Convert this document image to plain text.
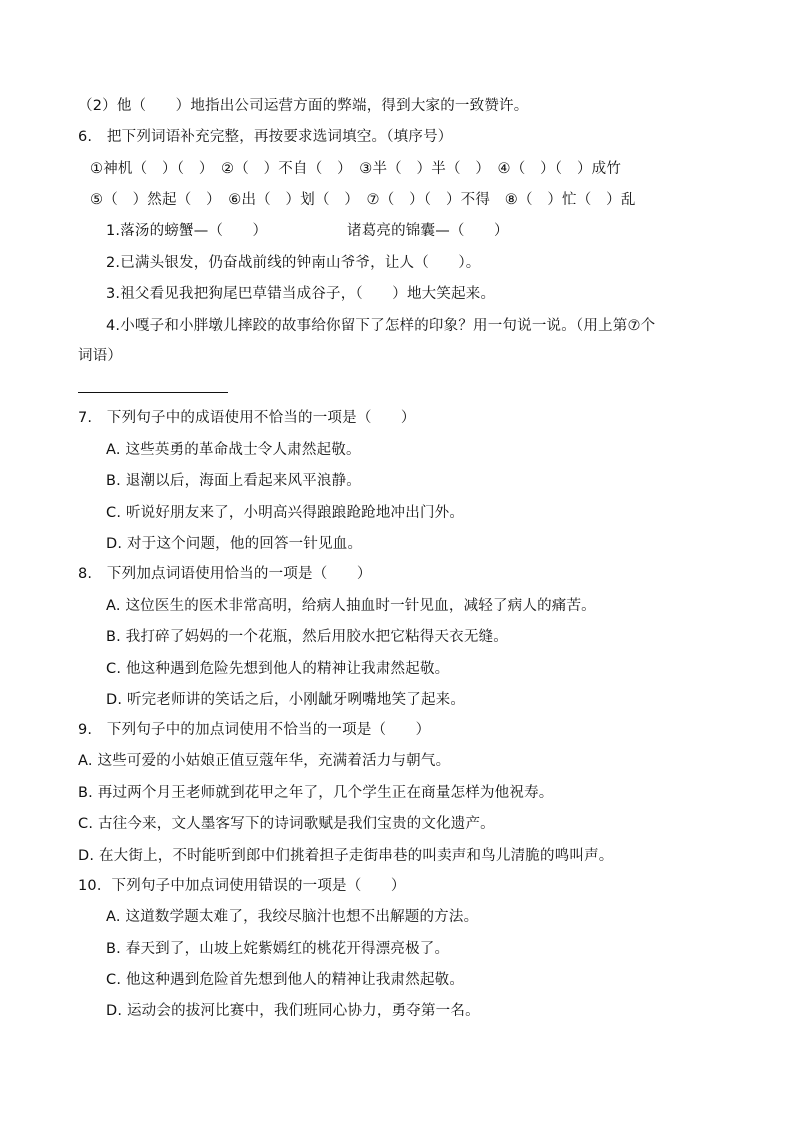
（2）他（　　）地指出公司运营方面的弊端，得到大家的一致赞许。
6.　把下列词语补充完整，再按要求选词填空。（填序号）
①神机（　）（　）　②（　）不自（　）　③半（　）半（　）　④（　）（　）成竹
⑤（　）然起（　）　⑥出（　）划（　）　⑦（　）（　）不得　⑧（　）忙（　）乱
1.落汤的螃蟹—（　　）	诸葛亮的锦囊—（　　）
2.已满头银发，仍奋战前线的钟南山爷爷，让人（　　）。
3.祖父看见我把狗尾巴草错当成谷子，（　　）地大笑起来。
4.小嘎子和小胖墩儿摔跤的故事给你留下了怎样的印象？用一句说一说。（用上第⑦个
词语）
7.　下列句子中的成语使用不恰当的一项是（　　）
A. 这些英勇的革命战士令人肃然起敬。
B. 退潮以后，海面上看起来风平浪静。
C. 听说好朋友来了，小明高兴得踉踉跄跄地冲出门外。
D. 对于这个问题，他的回答一针见血。
8.　下列加点词语使用恰当的一项是（　　）
A. 这位医生的医术非常高明，给病人抽血时一针见血，减轻了病人的痛苦。
B. 我打碎了妈妈的一个花瓶，然后用胶水把它粘得天衣无缝。
C. 他这种遇到危险先想到他人的精神让我肃然起敬。
D. 听完老师讲的笑话之后，小刚龇牙咧嘴地笑了起来。
9.　下列句子中的加点词使用不恰当的一项是（　　）
A. 这些可爱的小姑娘正值豆蔻年华，充满着活力与朝气。
B. 再过两个月王老师就到花甲之年了，几个学生正在商量怎样为他祝寿。
C. 古往今来，文人墨客写下的诗词歌赋是我们宝贵的文化遗产。
D. 在大街上，不时能听到郎中们挑着担子走街串巷的叫卖声和鸟儿清脆的鸣叫声。
10．下列句子中加点词使用错误的一项是（　　）
A. 这道数学题太难了，我绞尽脑汁也想不出解题的方法。
B. 春天到了，山坡上姹紫嫣红的桃花开得漂亮极了。
C. 他这种遇到危险首先想到他人的精神让我肃然起敬。
D. 运动会的拔河比赛中，我们班同心协力，勇夺第一名。
